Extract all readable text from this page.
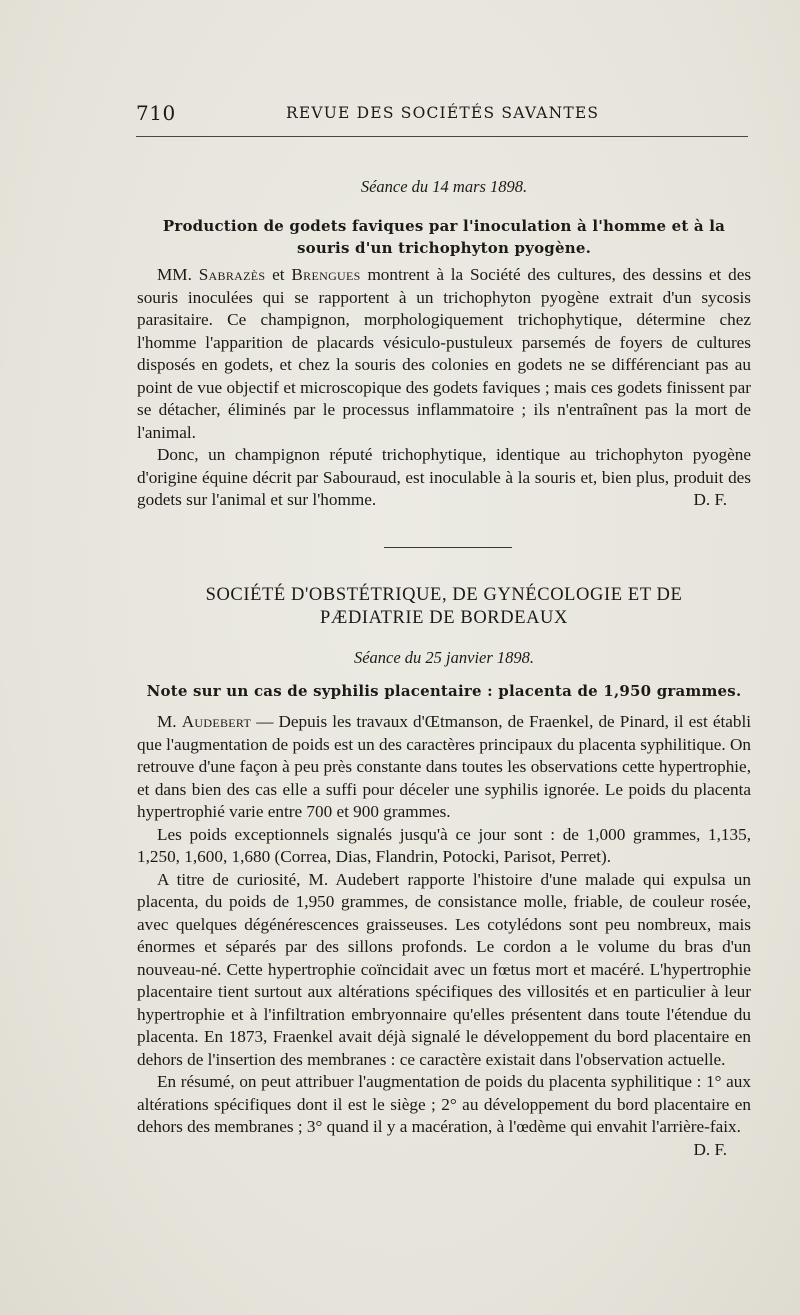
710	REVUE DES SOCIÉTÉS SAVANTES
Séance du 14 mars 1898.
Production de godets faviques par l'inoculation à l'homme et à la
souris d'un trichophyton pyogène.

MM. Sabrazès et Brengues montrent à la Société des cultures, des dessins et des souris inoculées qui se rapportent à un trichophyton pyogène extrait d'un sycosis parasitaire. Ce champignon, morphologiquement trichophytique, détermine chez l'homme l'apparition de placards vésiculo-pustuleux parsemés de foyers de cultures disposés en godets, et chez la souris des colonies en godets ne se différenciant pas au point de vue objectif et microscopique des godets faviques ; mais ces godets finissent par se détacher, éliminés par le processus inflammatoire ; ils n'entraînent pas la mort de l'animal.

Donc, un champignon réputé trichophytique, identique au trichophyton pyogène d'origine équine décrit par Sabouraud, est inoculable à la souris et, bien plus, produit des godets sur l'animal et sur l'homme.	D. F.

SOCIÉTÉ D'OBSTÉTRIQUE, DE GYNÉCOLOGIE ET DE
PÆDIATRIE DE BORDEAUX
Séance du 25 janvier 1898.
Note sur un cas de syphilis placentaire : placenta de 1,950 grammes.

M. Audebert — Depuis les travaux d'Œtmanson, de Fraenkel, de Pinard, il est établi que l'augmentation de poids est un des caractères principaux du placenta syphilitique. On retrouve d'une façon à peu près constante dans toutes les observations cette hypertrophie, et dans bien des cas elle a suffi pour déceler une syphilis ignorée. Le poids du placenta hypertrophié varie entre 700 et 900 grammes.

Les poids exceptionnels signalés jusqu'à ce jour sont : de 1,000 grammes, 1,135, 1,250, 1,600, 1,680 (Correa, Dias, Flandrin, Potocki, Parisot, Perret).

A titre de curiosité, M. Audebert rapporte l'histoire d'une malade qui expulsa un placenta, du poids de 1,950 grammes, de consistance molle, friable, de couleur rosée, avec quelques dégénérescences graisseuses. Les cotylédons sont peu nombreux, mais énormes et séparés par des sillons profonds. Le cordon a le volume du bras d'un nouveau-né. Cette hypertrophie coïncidait avec un fœtus mort et macéré. L'hypertrophie placentaire tient surtout aux altérations spécifiques des villosités et en particulier à leur hypertrophie et à l'infiltration embryonnaire qu'elles présentent dans toute l'étendue du placenta. En 1873, Fraenkel avait déjà signalé le développement du bord placentaire en dehors de l'insertion des membranes : ce caractère existait dans l'observation actuelle.

En résumé, on peut attribuer l'augmentation de poids du placenta syphilitique : 1° aux altérations spécifiques dont il est le siège ; 2° au développement du bord placentaire en dehors des membranes ; 3° quand il y a macération, à l'œdème qui envahit l'arrière-faix.
D. F.
